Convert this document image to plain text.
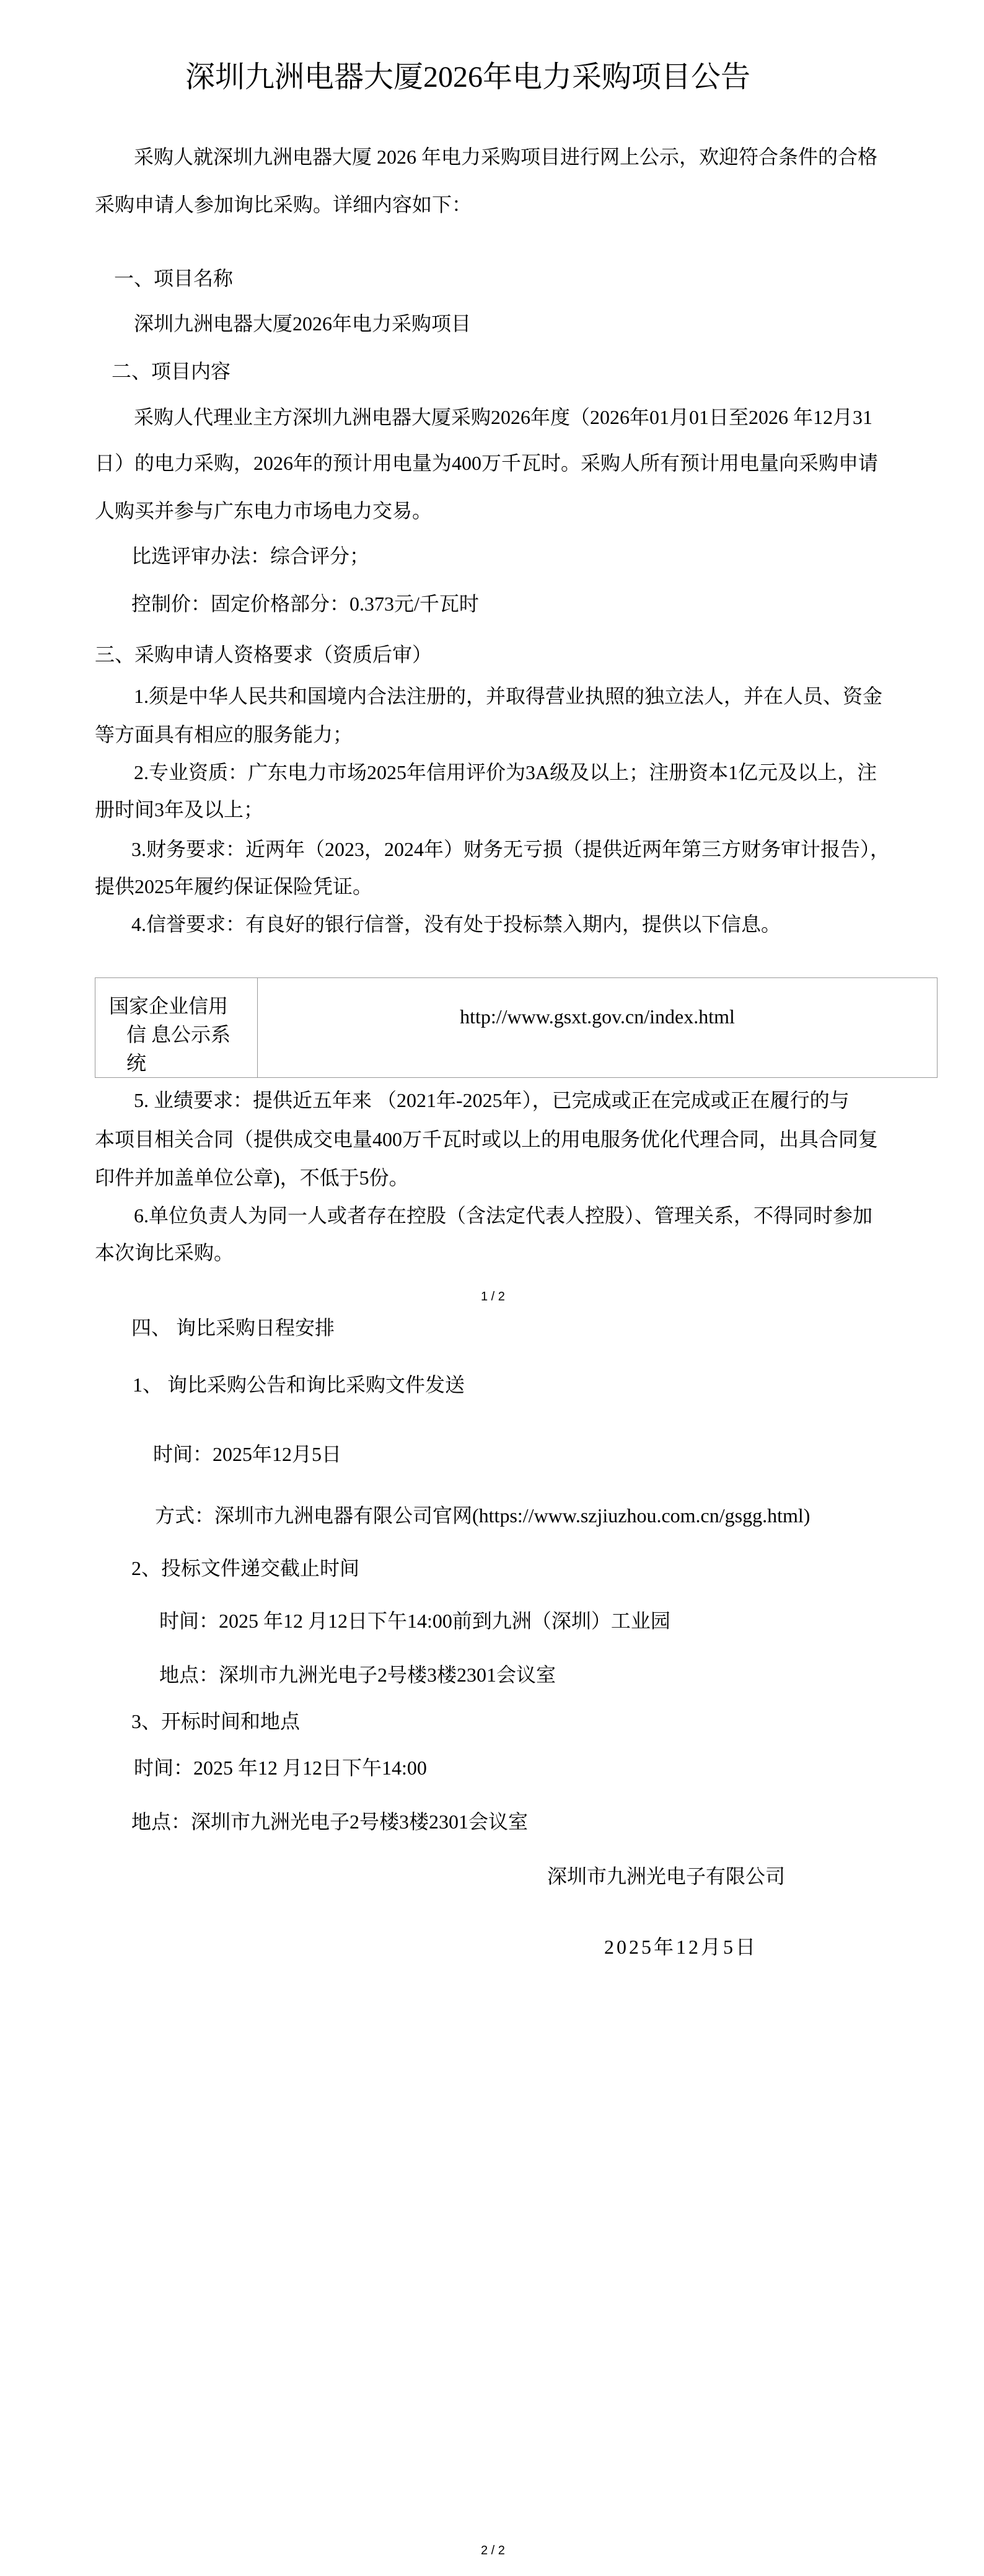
深圳九洲电器大厦2026年电力采购项目公告
采购人就深圳九洲电器大厦 2026 年电力采购项目进行网上公示，欢迎符合条件的合格
采购申请人参加询比采购。详细内容如下：
一、项目名称
深圳九洲电器大厦2026年电力采购项目
二、项目内容
采购人代理业主方深圳九洲电器大厦采购2026年度（2026年01月01日至2026 年12月31
日）的电力采购，2026年的预计用电量为400万千瓦时。采购人所有预计用电量向采购申请
人购买并参与广东电力市场电力交易。
比选评审办法：综合评分；
控制价：固定价格部分：0.373元/千瓦时
三、采购申请人资格要求（资质后审）
1.须是中华人民共和国境内合法注册的，并取得营业执照的独立法人，并在人员、资金
等方面具有相应的服务能力；
2.专业资质：广东电力市场2025年信用评价为3A级及以上；注册资本1亿元及以上，注
册时间3年及以上；
3.财务要求：近两年（2023，2024年）财务无亏损（提供近两年第三方财务审计报告），
提供2025年履约保证保险凭证。
4.信誉要求：有良好的银行信誉，没有处于投标禁入期内，提供以下信息。
国家企业信用
信 息公示系
统
http://www.gsxt.gov.cn/index.html
5. 业绩要求：提供近五年来 （2021年-2025年），已完成或正在完成或正在履行的与
本项目相关合同（提供成交电量400万千瓦时或以上的用电服务优化代理合同，出具合同复
印件并加盖单位公章)，不低于5份。
6.单位负责人为同一人或者存在控股（含法定代表人控股）、管理关系，不得同时参加
本次询比采购。
1 / 2
四、 询比采购日程安排
1、 询比采购公告和询比采购文件发送
时间：2025年12月5日
方式：深圳市九洲电器有限公司官网(https://www.szjiuzhou.com.cn/gsgg.html)
2、投标文件递交截止时间
时间：2025 年12 月12日下午14:00前到九洲（深圳）工业园
地点：深圳市九洲光电子2号楼3楼2301会议室
3、开标时间和地点
时间：2025 年12 月12日下午14:00
地点：深圳市九洲光电子2号楼3楼2301会议室
深圳市九洲光电子有限公司
2025年12月5日
2 / 2
